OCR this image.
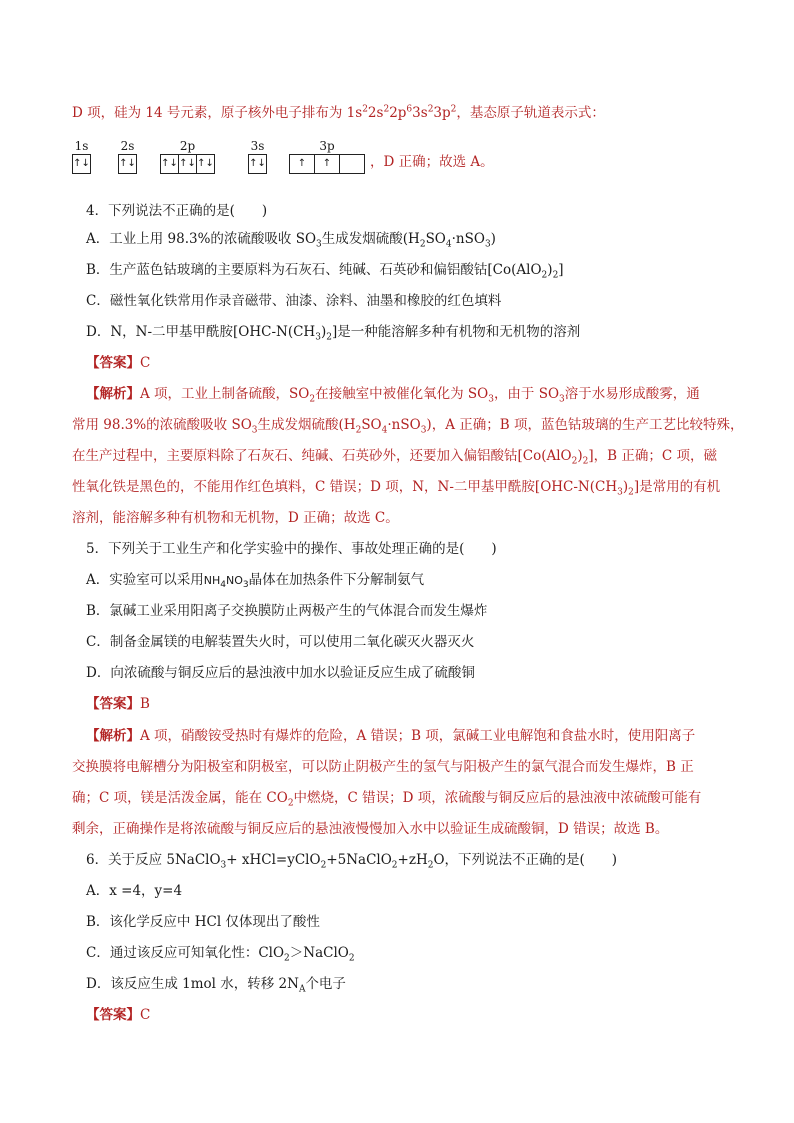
D 项，硅为 14 号元素，原子核外电子排布为 $1s^22s^22p^63s^23p^2$，基态原子轨道表示式：
1s
↑↓
2s
↑↓
2p
↑↓ ↑↓ ↑↓
3s
↑↓
3p
↑	↑	，D 正确；故选 A。
4．下列说法不正确的是(　　)
A．工业上用 98.3%的浓硫酸吸收 $SO_3$生成发烟硫酸$(H_2SO_4\cdot nSO_3)$
B．生产蓝色钴玻璃的主要原料为石灰石、纯碱、石英砂和偏铝酸钴$[Co(AlO_2)_2]$
C．磁性氧化铁常用作录音磁带、油漆、涂料、油墨和橡胶的红色填料
D．N，N-二甲基甲酰胺$[OHC-N(CH_3)_2]$是一种能溶解多种有机物和无机物的溶剂
【答案】C
【解析】A 项，工业上制备硫酸，$SO_2$在接触室中被催化氧化为 $SO_3$，由于 $SO_3$溶于水易形成酸雾，通
常用 98.3%的浓硫酸吸收 $SO_3$生成发烟硫酸$(H_2SO_4\cdot nSO_3)$，A 正确；B 项，蓝色钴玻璃的生产工艺比较特殊，
在生产过程中，主要原料除了石灰石、纯碱、石英砂外，还要加入偏铝酸钴$[Co(AlO_2)_2]$，B 正确；C 项，磁
性氧化铁是黑色的，不能用作红色填料，C 错误；D 项，N，N-二甲基甲酰胺$[OHC-N(CH_3)_2]$是常用的有机
溶剂，能溶解多种有机物和无机物，D 正确；故选 C。
5．下列关于工业生产和化学实验中的操作、事故处理正确的是(　　)
A．实验室可以采用$NH_4NO_3$晶体在加热条件下分解制氨气
B．氯碱工业采用阳离子交换膜防止两极产生的气体混合而发生爆炸
C．制备金属镁的电解装置失火时，可以使用二氧化碳灭火器灭火
D．向浓硫酸与铜反应后的悬浊液中加水以验证反应生成了硫酸铜
【答案】B
【解析】A 项，硝酸铵受热时有爆炸的危险，A 错误；B 项，氯碱工业电解饱和食盐水时，使用阳离子
交换膜将电解槽分为阳极室和阴极室，可以防止阴极产生的氢气与阳极产生的氯气混合而发生爆炸，B 正
确；C 项，镁是活泼金属，能在 $CO_2$中燃烧，C 错误；D 项，浓硫酸与铜反应后的悬浊液中浓硫酸可能有
剩余，正确操作是将浓硫酸与铜反应后的悬浊液慢慢加入水中以验证生成硫酸铜，D 错误；故选 B。
6．关于反应 5NaClO$_3$+ $xHCl=yClO_2+5NaClO_2+zH_2O$，下列说法不正确的是(　　)
A．x =4，y=4
B．该化学反应中 HCl 仅体现出了酸性
C．通过该反应可知氧化性：ClO$_2$＞NaClO$_2$
D．该反应生成 1mol 水，转移 $2N_A$个电子
【答案】C
